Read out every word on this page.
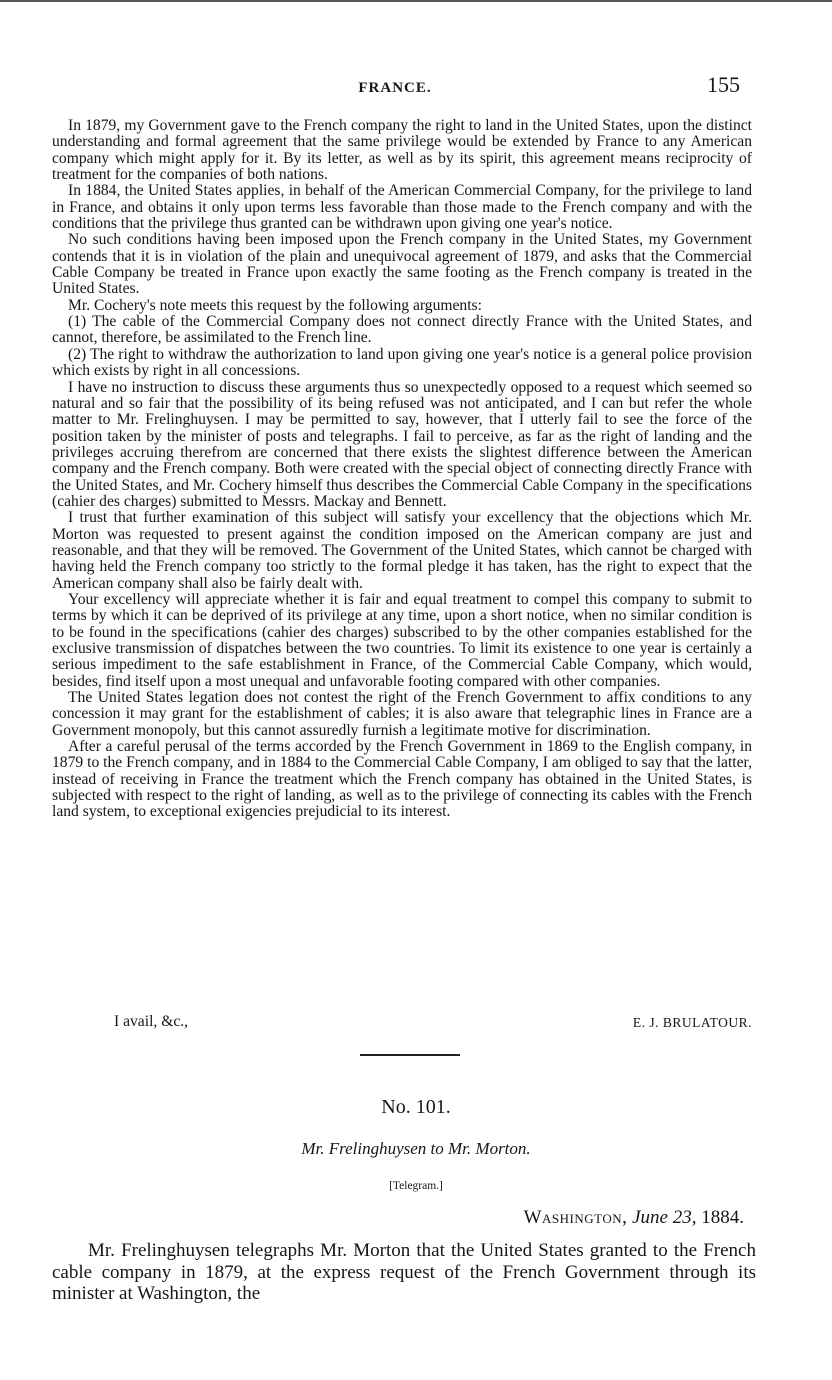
FRANCE.	155

In 1879, my Government gave to the French company the right to land in the United States, upon the distinct understanding and formal agreement that the same privilege would be extended by France to any American company which might apply for it. By its letter, as well as by its spirit, this agreement means reciprocity of treatment for the companies of both nations.

In 1884, the United States applies, in behalf of the American Commercial Company, for the privilege to land in France, and obtains it only upon terms less favorable than those made to the French company and with the conditions that the privilege thus granted can be withdrawn upon giving one year's notice.

No such conditions having been imposed upon the French company in the United States, my Government contends that it is in violation of the plain and unequivocal agreement of 1879, and asks that the Commercial Cable Company be treated in France upon exactly the same footing as the French company is treated in the United States.

Mr. Cochery's note meets this request by the following arguments:

(1) The cable of the Commercial Company does not connect directly France with the United States, and cannot, therefore, be assimilated to the French line.

(2) The right to withdraw the authorization to land upon giving one year's notice is a general police provision which exists by right in all concessions.

I have no instruction to discuss these arguments thus so unexpectedly opposed to a request which seemed so natural and so fair that the possibility of its being refused was not anticipated, and I can but refer the whole matter to Mr. Frelinghuysen. I may be permitted to say, however, that I utterly fail to see the force of the position taken by the minister of posts and telegraphs. I fail to perceive, as far as the right of landing and the privileges accruing therefrom are concerned that there exists the slightest difference between the American company and the French company. Both were created with the special object of connecting directly France with the United States, and Mr. Cochery himself thus describes the Commercial Cable Company in the specifications (cahier des charges) submitted to Messrs. Mackay and Bennett.

I trust that further examination of this subject will satisfy your excellency that the objections which Mr. Morton was requested to present against the condition imposed on the American company are just and reasonable, and that they will be removed. The Government of the United States, which cannot be charged with having held the French company too strictly to the formal pledge it has taken, has the right to expect that the American company shall also be fairly dealt with.

Your excellency will appreciate whether it is fair and equal treatment to compel this company to submit to terms by which it can be deprived of its privilege at any time, upon a short notice, when no similar condition is to be found in the specifications (cahier des charges) subscribed to by the other companies established for the exclusive transmission of dispatches between the two countries. To limit its existence to one year is certainly a serious impediment to the safe establishment in France, of the Commercial Cable Company, which would, besides, find itself upon a most unequal and unfavorable footing compared with other companies.

The United States legation does not contest the right of the French Government to affix conditions to any concession it may grant for the establishment of cables; it is also aware that telegraphic lines in France are a Government monopoly, but this cannot assuredly furnish a legitimate motive for discrimination.

After a careful perusal of the terms accorded by the French Government in 1869 to the English company, in 1879 to the French company, and in 1884 to the Commercial Cable Company, I am obliged to say that the latter, instead of receiving in France the treatment which the French company has obtained in the United States, is subjected with respect to the right of landing, as well as to the privilege of connecting its cables with the French land system, to exceptional exigencies prejudicial to its interest.

I avail, &c.,	E. J. BRULATOUR.
No. 101.
Mr. Frelinghuysen to Mr. Morton.
[Telegram.]
Washington, June 23, 1884.

Mr. Frelinghuysen telegraphs Mr. Morton that the United States granted to the French cable company in 1879, at the express request of the French Government through its minister at Washington, the
